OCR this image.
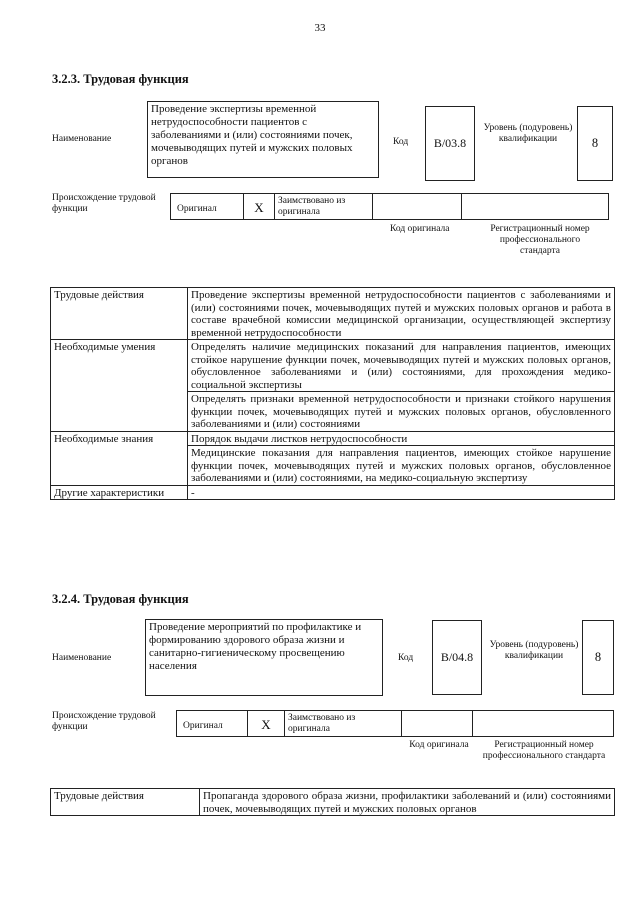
33
3.2.3. Трудовая функция
Наименование
Проведение экспертизы временной нетрудоспособности пациентов с заболеваниями и (или) состояниями почек, мочевыводящих путей и мужских половых органов
Код	B/03.8
Уровень (подуровень) квалификации	8
Происхождение трудовой функции	Оригинал	X	Заимствовано из оригинала
Код оригинала	Регистрационный номер профессионального стандарта
Трудовые действия	Проведение экспертизы временной нетрудоспособности пациентов с заболеваниями и (или) состояниями почек, мочевыводящих путей и мужских половых органов и работа в составе врачебной комиссии медицинской организации, осуществляющей экспертизу временной нетрудоспособности
Необходимые умения	Определять наличие медицинских показаний для направления пациентов, имеющих стойкое нарушение функции почек, мочевыводящих путей и мужских половых органов, обусловленное заболеваниями и (или) состояниями, для прохождения медико-социальной экспертизы
	Определять признаки временной нетрудоспособности и признаки стойкого нарушения функции почек, мочевыводящих путей и мужских половых органов, обусловленного заболеваниями и (или) состояниями
Необходимые знания	Порядок выдачи листков нетрудоспособности
	Медицинские показания для направления пациентов, имеющих стойкое нарушение функции почек, мочевыводящих путей и мужских половых органов, обусловленное заболеваниями и (или) состояниями, на медико-социальную экспертизу
Другие характеристики	-
3.2.4. Трудовая функция
Наименование
Проведение мероприятий по профилактике и формированию здорового образа жизни и санитарно-гигиеническому просвещению населения
Код	B/04.8
Уровень (подуровень) квалификации	8
Происхождение трудовой функции	Оригинал	X	Заимствовано из оригинала
Код оригинала	Регистрационный номер профессионального стандарта
Трудовые действия	Пропаганда здорового образа жизни, профилактики заболеваний и (или) состояниями почек, мочевыводящих путей и мужских половых органов
